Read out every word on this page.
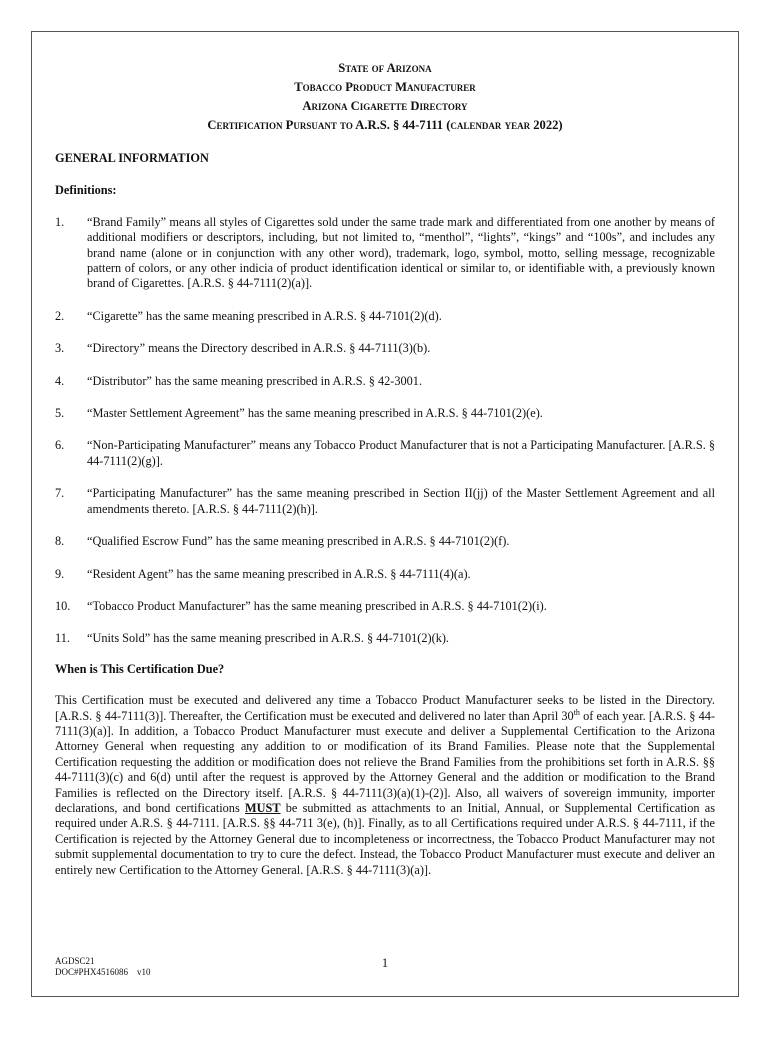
State of Arizona
Tobacco Product Manufacturer
Arizona Cigarette Directory
Certification Pursuant to A.R.S. § 44-7111 (calendar year 2022)
GENERAL INFORMATION
Definitions:
1.	“Brand Family” means all styles of Cigarettes sold under the same trade mark and differentiated from one another by means of additional modifiers or descriptors, including, but not limited to, “menthol”, “lights”, “kings” and “100s”, and includes any brand name (alone or in conjunction with any other word), trademark, logo, symbol, motto, selling message, recognizable pattern of colors, or any other indicia of product identification identical or similar to, or identifiable with, a previously known brand of Cigarettes. [A.R.S. § 44-7111(2)(a)].
2.	“Cigarette” has the same meaning prescribed in A.R.S. § 44-7101(2)(d).
3.	“Directory” means the Directory described in A.R.S. § 44-7111(3)(b).
4.	“Distributor” has the same meaning prescribed in A.R.S. § 42-3001.
5.	“Master Settlement Agreement” has the same meaning prescribed in A.R.S. § 44-7101(2)(e).
6.	“Non-Participating Manufacturer” means any Tobacco Product Manufacturer that is not a Participating Manufacturer. [A.R.S. § 44-7111(2)(g)].
7.	“Participating Manufacturer” has the same meaning prescribed in Section II(jj) of the Master Settlement Agreement and all amendments thereto. [A.R.S. § 44-7111(2)(h)].
8.	“Qualified Escrow Fund” has the same meaning prescribed in A.R.S. § 44-7101(2)(f).
9.	“Resident Agent” has the same meaning prescribed in A.R.S. § 44-7111(4)(a).
10.	“Tobacco Product Manufacturer” has the same meaning prescribed in A.R.S. § 44-7101(2)(i).
11.	“Units Sold” has the same meaning prescribed in A.R.S. § 44-7101(2)(k).
When is This Certification Due?
This Certification must be executed and delivered any time a Tobacco Product Manufacturer seeks to be listed in the Directory. [A.R.S. § 44-7111(3)]. Thereafter, the Certification must be executed and delivered no later than April 30th of each year. [A.R.S. § 44-7111(3)(a)]. In addition, a Tobacco Product Manufacturer must execute and deliver a Supplemental Certification to the Arizona Attorney General when requesting any addition to or modification of its Brand Families. Please note that the Supplemental Certification requesting the addition or modification does not relieve the Brand Families from the prohibitions set forth in A.R.S. §§ 44-7111(3)(c) and 6(d) until after the request is approved by the Attorney General and the addition or modification to the Brand Families is reflected on the Directory itself. [A.R.S. § 44-7111(3)(a)(1)-(2)]. Also, all waivers of sovereign immunity, importer declarations, and bond certifications MUST be submitted as attachments to an Initial, Annual, or Supplemental Certification as required under A.R.S. § 44-7111. [A.R.S. §§ 44-711 3(e), (h)]. Finally, as to all Certifications required under A.R.S. § 44-7111, if the Certification is rejected by the Attorney General due to incompleteness or incorrectness, the Tobacco Product Manufacturer may not submit supplemental documentation to try to cure the defect. Instead, the Tobacco Product Manufacturer must execute and deliver an entirely new Certification to the Attorney General. [A.R.S. § 44-7111(3)(a)].
1
AGDSC21
DOC#PHX4516086    v10
